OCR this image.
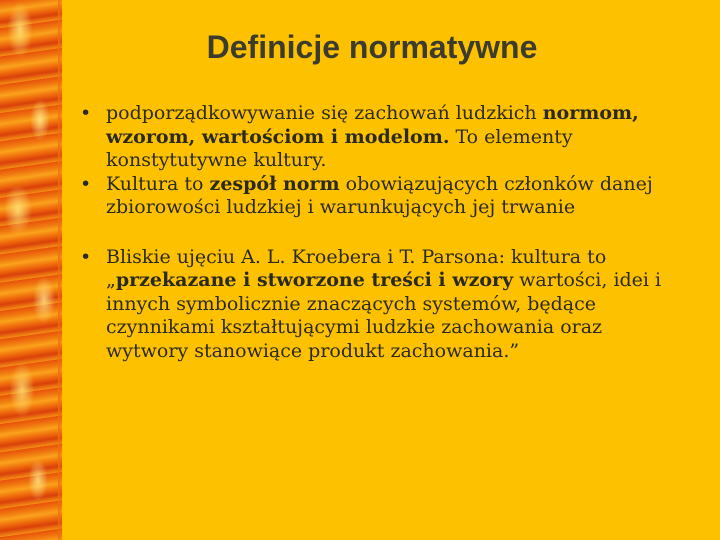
Definicje normatywne
• podporządkowywanie się zachowań ludzkich normom, wzorom, wartościom i modelom. To elementy konstytutywne kultury.
• Kultura to zespół norm obowiązujących członków danej zbiorowości ludzkiej i warunkujących jej trwanie
• Bliskie ujęciu A. L. Kroebera i T. Parsona: kultura to „przekazane i stworzone treści i wzory wartości, idei i innych symbolicznie znaczących systemów, będące czynnikami kształtującymi ludzkie zachowania oraz wytwory stanowiące produkt zachowania.”
